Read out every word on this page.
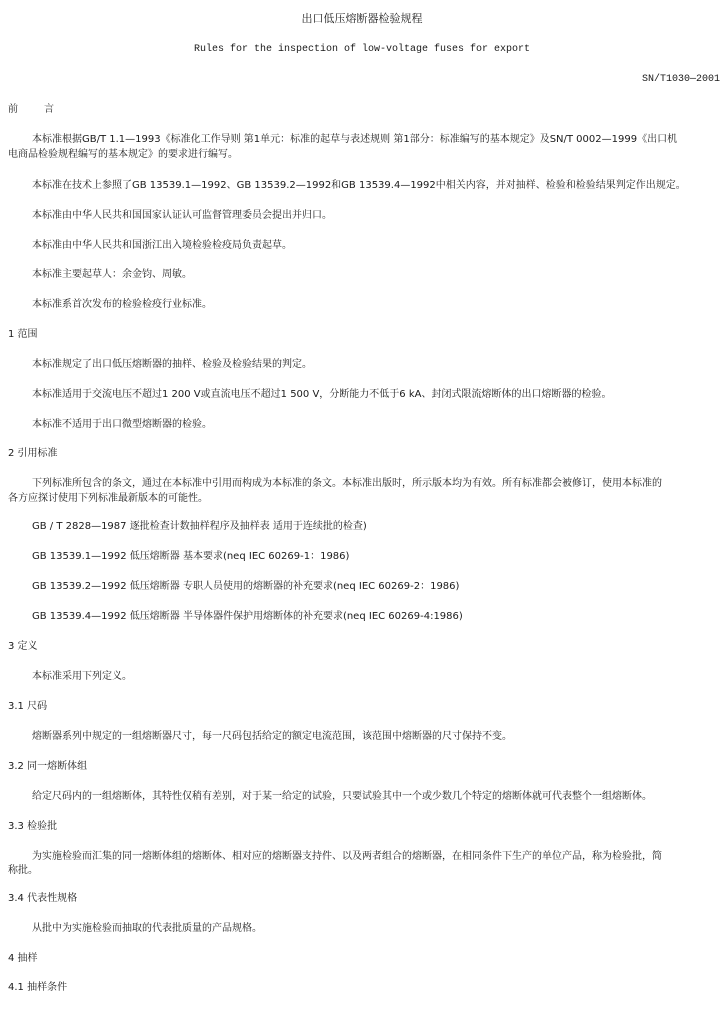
出口低压熔断器检验规程
Rules for the inspection of low-voltage fuses for export
SN/T1030—2001
前	言
本标准根据GB/T 1.1—1993《标准化工作导则 第1单元：标准的起草与表述规则 第1部分：标准编写的基本规定》及SN/T 0002—1999《出口机
电商品检验规程编写的基本规定》的要求进行编写。
本标准在技术上参照了GB 13539.1—1992、GB 13539.2—1992和GB 13539.4—1992中相关内容，并对抽样、检验和检验结果判定作出规定。
本标准由中华人民共和国国家认证认可监督管理委员会提出并归口。
本标准由中华人民共和国浙江出入境检验检疫局负责起草。
本标准主要起草人：余金钧、周敏。
本标准系首次发布的检验检疫行业标准。
1 范围
本标准规定了出口低压熔断器的抽样、检验及检验结果的判定。
本标准适用于交流电压不超过1 200 V或直流电压不超过1 500 V，分断能力不低于6 kA、封闭式限流熔断体的出口熔断器的检验。
本标准不适用于出口微型熔断器的检验。
2 引用标准
下列标准所包含的条文，通过在本标准中引用而构成为本标准的条文。本标准出版时，所示版本均为有效。所有标准都会被修订，使用本标准的
各方应探讨使用下列标准最新版本的可能性。
GB / T 2828—1987 逐批检查计数抽样程序及抽样表 适用于连续批的检查)
GB 13539.1—1992 低压熔断器 基本要求(neq IEC 60269-1：1986)
GB 13539.2—1992 低压熔断器 专职人员使用的熔断器的补充要求(neq IEC 60269-2：1986)
GB 13539.4—1992 低压熔断器 半导体器件保护用熔断体的补充要求(neq IEC 60269-4:1986)
3 定义
本标准采用下列定义。
3.1 尺码
熔断器系列中规定的一组熔断器尺寸，每一尺码包括给定的额定电流范围，该范围中熔断器的尺寸保持不变。
3.2 同一熔断体组
给定尺码内的一组熔断体，其特性仅稍有差别，对于某一给定的试验，只要试验其中一个或少数几个特定的熔断体就可代表整个一组熔断体。
3.3 检验批
为实施检验而汇集的同一熔断体组的熔断体、相对应的熔断器支持件、以及两者组合的熔断器，在相同条件下生产的单位产品，称为检验批，简
称批。
3.4 代表性规格
从批中为实施检验而抽取的代表批质量的产品规格。
4 抽样
4.1 抽样条件
